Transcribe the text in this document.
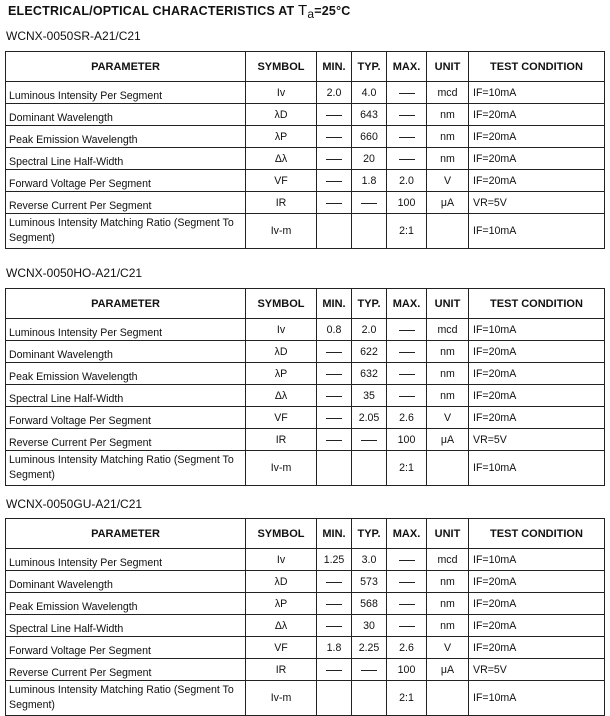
ELECTRICAL/OPTICAL CHARACTERISTICS AT Ta=25°C
WCNX-0050SR-A21/C21
PARAMETER	SYMBOL	MIN.	TYP.	MAX.	UNIT	TEST CONDITION
Luminous Intensity Per Segment	Iv	2.0	4.0		mcd	IF=10mA
Dominant Wavelength	λD		643		nm	IF=20mA
Peak Emission Wavelength	λP		660		nm	IF=20mA
Spectral Line Half-Width	Δλ		20		nm	IF=20mA
Forward Voltage Per Segment	VF		1.8	2.0	V	IF=20mA
Reverse Current Per Segment	IR			100	μA	VR=5V
Luminous Intensity Matching Ratio (Segment To Segment)	Iv-m			2:1		IF=10mA
WCNX-0050HO-A21/C21
PARAMETER	SYMBOL	MIN.	TYP.	MAX.	UNIT	TEST CONDITION
Luminous Intensity Per Segment	Iv	0.8	2.0		mcd	IF=10mA
Dominant Wavelength	λD		622		nm	IF=20mA
Peak Emission Wavelength	λP		632		nm	IF=20mA
Spectral Line Half-Width	Δλ		35		nm	IF=20mA
Forward Voltage Per Segment	VF		2.05	2.6	V	IF=20mA
Reverse Current Per Segment	IR			100	μA	VR=5V
Luminous Intensity Matching Ratio (Segment To Segment)	Iv-m			2:1		IF=10mA
WCNX-0050GU-A21/C21
PARAMETER	SYMBOL	MIN.	TYP.	MAX.	UNIT	TEST CONDITION
Luminous Intensity Per Segment	Iv	1.25	3.0		mcd	IF=10mA
Dominant Wavelength	λD		573		nm	IF=20mA
Peak Emission Wavelength	λP		568		nm	IF=20mA
Spectral Line Half-Width	Δλ		30		nm	IF=20mA
Forward Voltage Per Segment	VF	1.8	2.25	2.6	V	IF=20mA
Reverse Current Per Segment	IR			100	μA	VR=5V
Luminous Intensity Matching Ratio (Segment To Segment)	Iv-m			2:1		IF=10mA
